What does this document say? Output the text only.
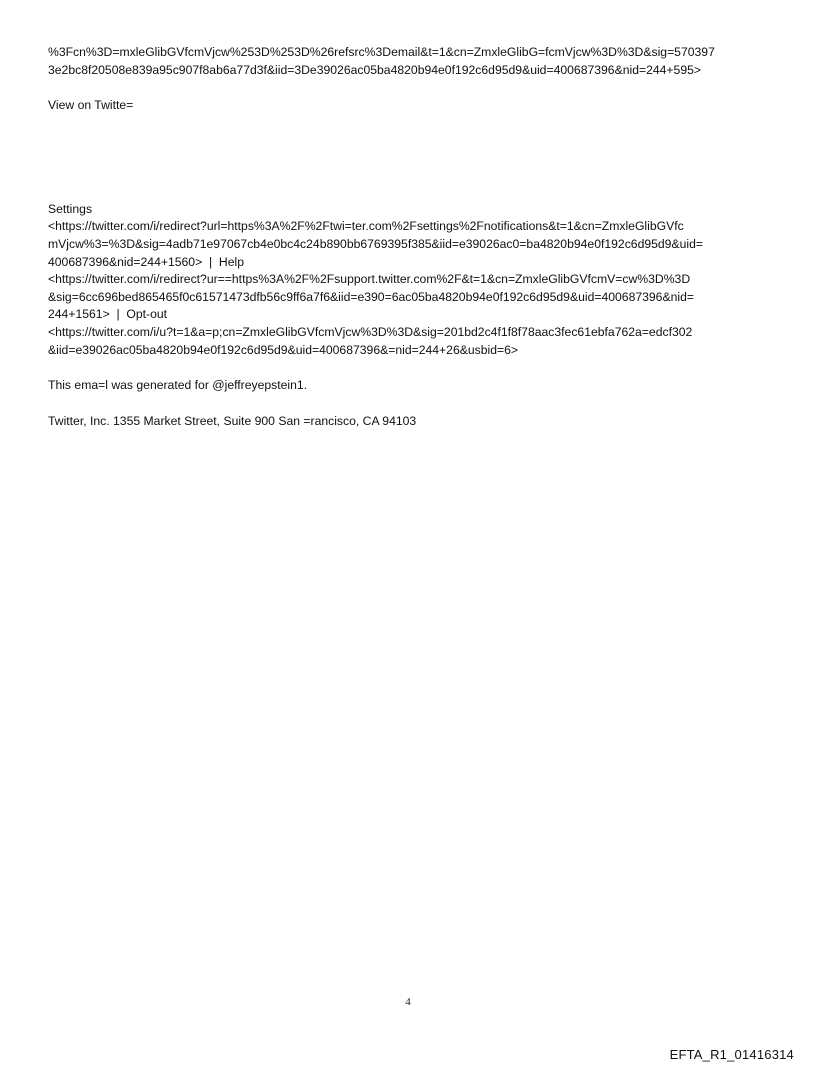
%3Fcn%3D=mxleGlibGVfcmVjcw%253D%253D%26refsrc%3Demail&t=1&cn=ZmxleGlibG=fcmVjcw%3D%3D&sig=570397
3e2bc8f20508e839a95c907f8ab6a77d3f&iid=3De39026ac05ba4820b94e0f192c6d95d9&uid=400687396&nid=244+595>

View on Twitte=

Settings
<https://twitter.com/i/redirect?url=https%3A%2F%2Ftwi=ter.com%2Fsettings%2Fnotifications&t=1&cn=ZmxleGlibGVfc
mVjcw%3=%3D&sig=4adb71e97067cb4e0bc4c24b890bb6769395f385&iid=e39026ac0=ba4820b94e0f192c6d95d9&uid=
400687396&nid=244+1560>  |  Help
<https://twitter.com/i/redirect?ur==https%3A%2F%2Fsupport.twitter.com%2F&t=1&cn=ZmxleGlibGVfcmV=cw%3D%3D
&sig=6cc696bed865465f0c61571473dfb56c9ff6a7f6&iid=e390=6ac05ba4820b94e0f192c6d95d9&uid=400687396&nid=
244+1561>  |  Opt-out
<https://twitter.com/i/u?t=1&a=p;cn=ZmxleGlibGVfcmVjcw%3D%3D&sig=201bd2c4f1f8f78aac3fec61ebfa762a=edcf302
&iid=e39026ac05ba4820b94e0f192c6d95d9&uid=400687396&=nid=244+26&usbid=6>

This ema=l was generated for @jeffreyepstein1.

Twitter, Inc. 1355 Market Street, Suite 900 San =rancisco, CA 94103

4
EFTA_R1_01416314
